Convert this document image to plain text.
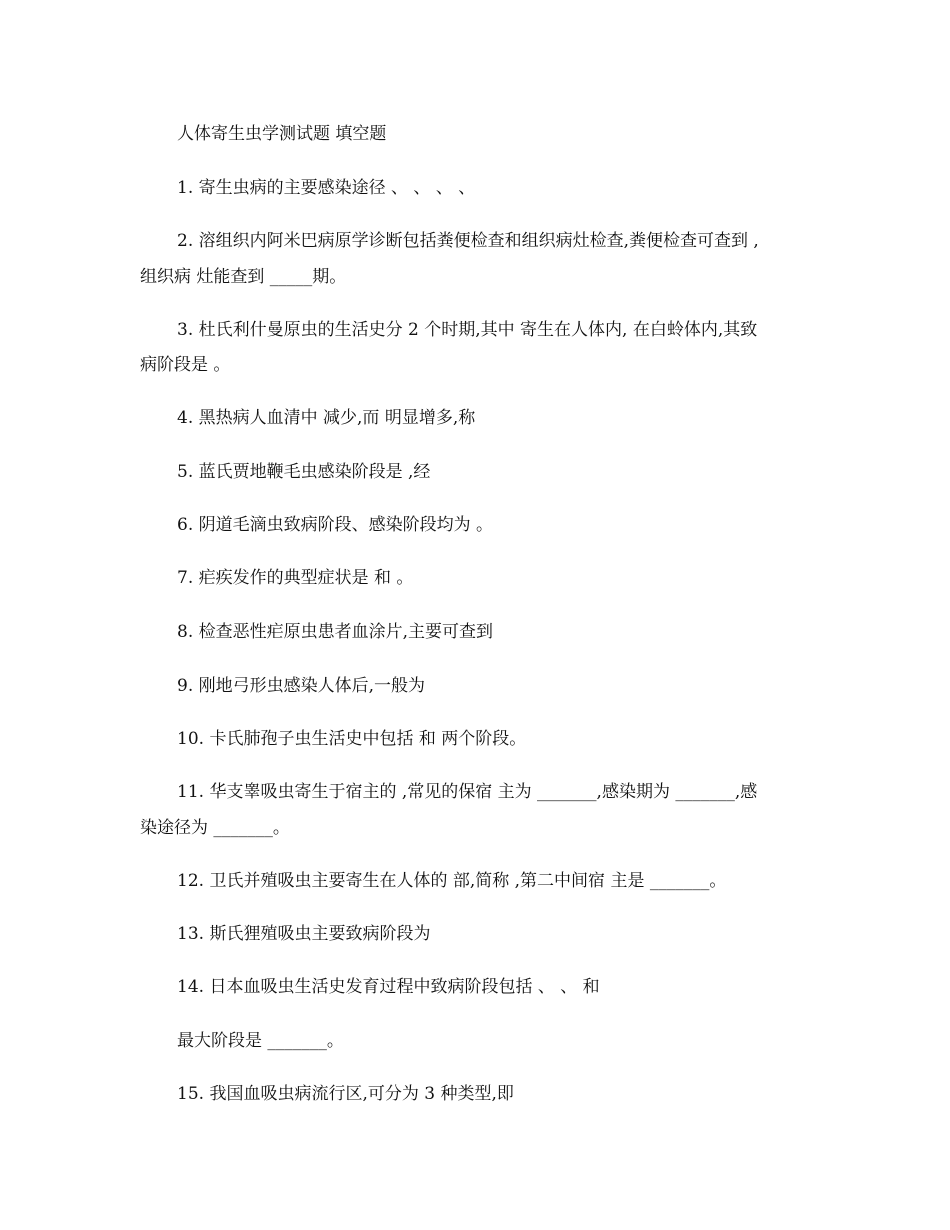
人体寄生虫学测试题 填空题
1. 寄生虫病的主要感染途径 、 、 、 、
2. 溶组织内阿米巴病原学诊断包括粪便检查和组织病灶检查,粪便检查可查到 ,
组织病 灶能查到 _____期。
3. 杜氏利什曼原虫的生活史分 2 个时期,其中 寄生在人体内, 在白蛉体内,其致
病阶段是 。
4. 黑热病人血清中 减少,而 明显增多,称
5. 蓝氏贾地鞭毛虫感染阶段是 ,经
6. 阴道毛滴虫致病阶段、感染阶段均为 。
7. 疟疾发作的典型症状是 和 。
8. 检查恶性疟原虫患者血涂片,主要可查到
9. 刚地弓形虫感染人体后,一般为
10. 卡氏肺孢子虫生活史中包括 和 两个阶段。
11. 华支睾吸虫寄生于宿主的 ,常见的保宿 主为 _______,感染期为 _______,感
染途径为 _______。
12. 卫氏并殖吸虫主要寄生在人体的 部,简称 ,第二中间宿 主是 _______。
13. 斯氏狸殖吸虫主要致病阶段为
14. 日本血吸虫生活史发育过程中致病阶段包括 、 、 和
最大阶段是 _______。
15. 我国血吸虫病流行区,可分为 3 种类型,即
